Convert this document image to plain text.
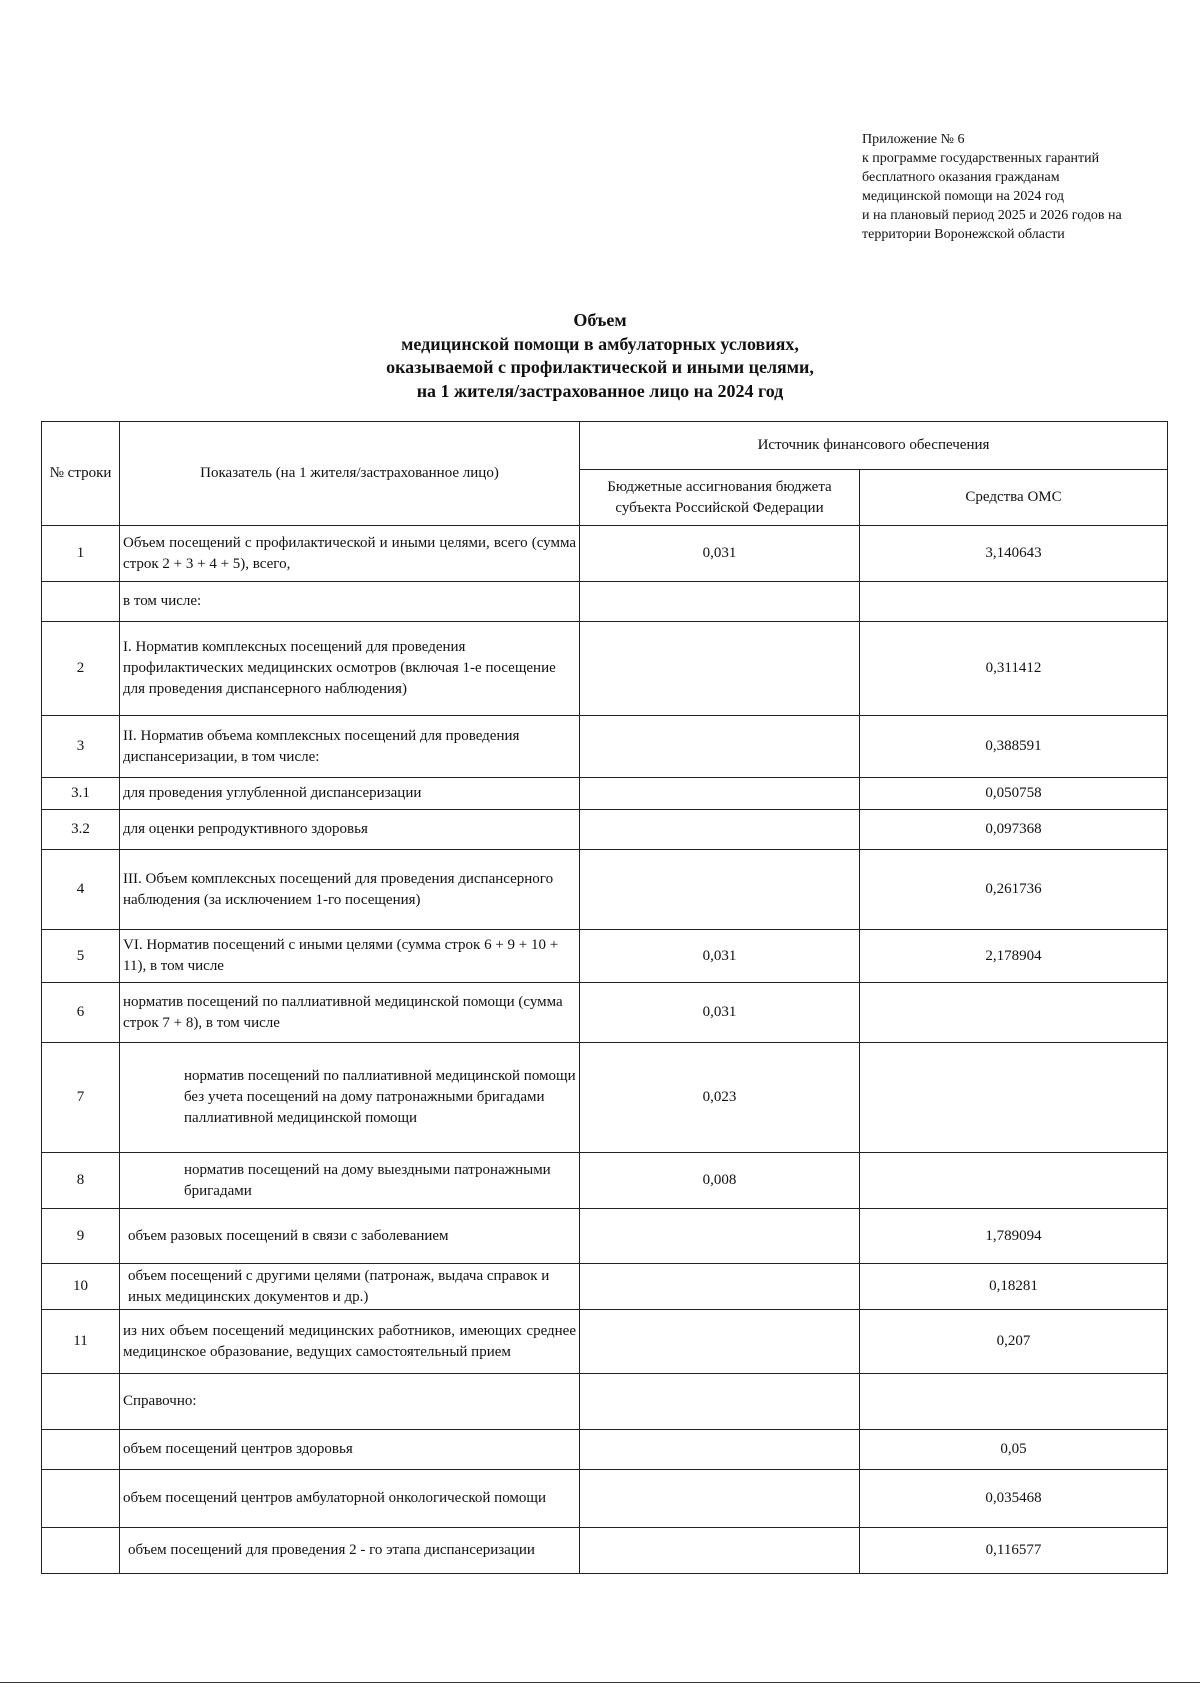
Приложение № 6
к программе государственных гарантий
бесплатного оказания гражданам
медицинской помощи на 2024 год
и на плановый период 2025 и 2026 годов на
территории Воронежской области
Объем
медицинской помощи в амбулаторных условиях,
оказываемой с профилактической и иными целями,
на 1 жителя/застрахованное лицо на 2024 год
№ строки	Показатель (на 1 жителя/застрахованное лицо)	Источник финансового обеспечения	
		Бюджетные ассигнования бюджета субъекта Российской Федерации	Средства ОМС
1	Объем посещений с профилактической и иными целями, всего (сумма строк 2 + 3 + 4 + 5), всего,	0,031	3,140643
	в том числе:		
2	I. Норматив комплексных посещений для проведения профилактических медицинских осмотров (включая 1-е посещение для проведения диспансерного наблюдения)		0,311412
3	II. Норматив объема комплексных посещений для проведения диспансеризации, в том числе:		0,388591
3.1	для проведения углубленной диспансеризации		0,050758
3.2	для оценки репродуктивного здоровья		0,097368
4	III. Объем комплексных посещений для проведения диспансерного наблюдения (за исключением 1-го посещения)		0,261736
5	VI. Норматив посещений с иными целями (сумма строк 6 + 9 + 10 + 11), в том числе	0,031	2,178904
6	норматив посещений по паллиативной медицинской помощи (сумма строк 7 + 8), в том числе	0,031	
7	норматив посещений по паллиативной медицинской помощи без учета посещений на дому патронажными бригадами паллиативной медицинской помощи	0,023	
8	норматив посещений на дому выездными патронажными бригадами	0,008	
9	объем разовых посещений в связи с заболеванием		1,789094
10	объем посещений с другими целями (патронаж, выдача справок и иных медицинских документов и др.)		0,18281
11	из них объем посещений медицинских работников, имеющих среднее медицинское образование, ведущих самостоятельный прием		0,207
	Справочно:		
	объем посещений центров здоровья		0,05
	объем посещений центров амбулаторной онкологической помощи		0,035468
	объем посещений для проведения 2 - го этапа диспансеризации		0,116577
